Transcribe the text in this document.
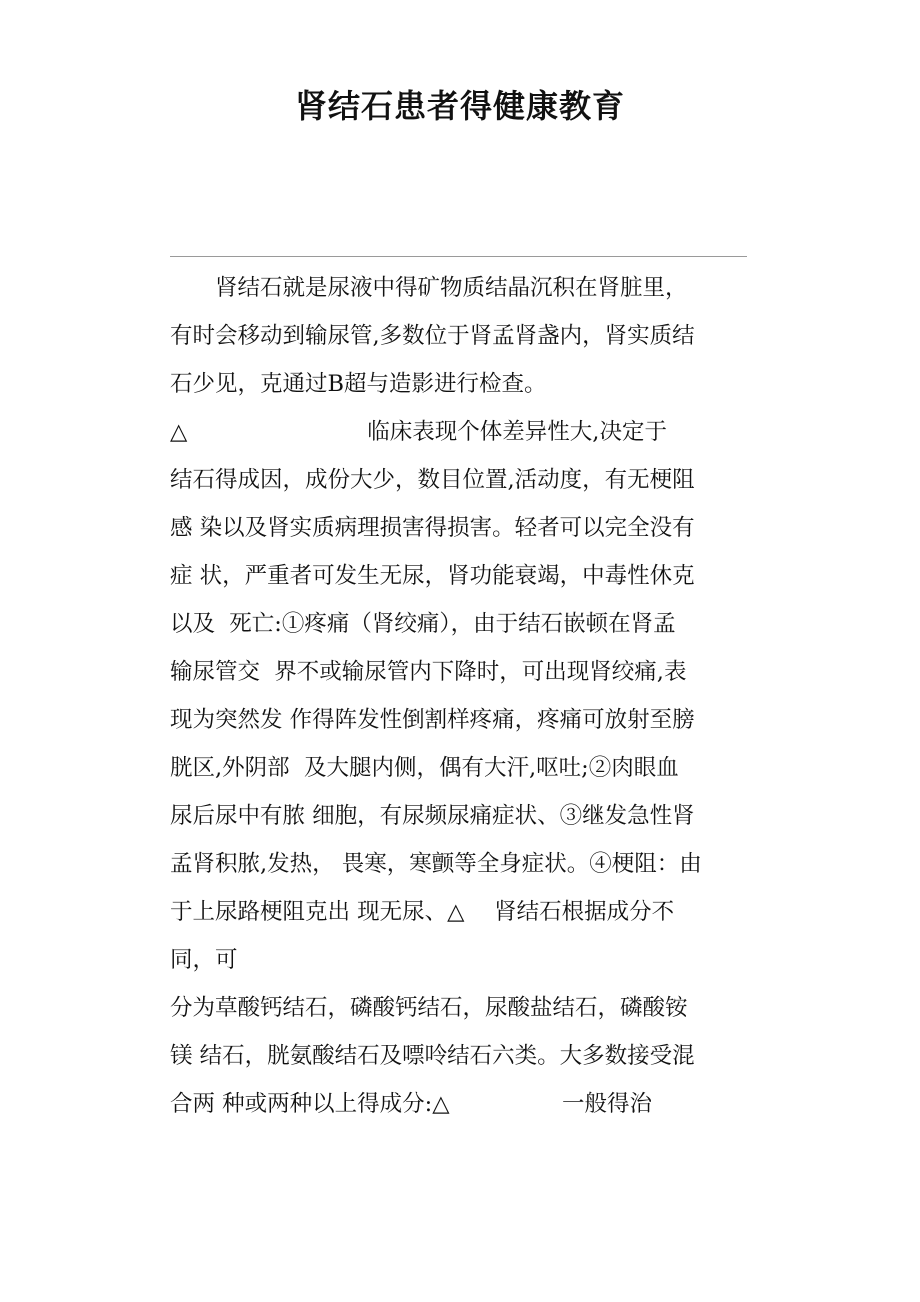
肾结石患者得健康教育
　　肾结石就是尿液中得矿物质结晶沉积在肾脏里，
有时会移动到输尿管,多数位于肾孟肾盏内，肾实质结
石少见，克通过B超与造影进行检查。
△　　　　　　　　临床表现个体差异性大,决定于
结石得成因，成份大少，数目位置,活动度，有无梗阻
感 染以及肾实质病理损害得损害。轻者可以完全没有
症 状，严重者可发生无尿，肾功能衰竭，中毒性休克
以及  死亡:①疼痛（肾绞痛），由于结石嵌顿在肾孟
输尿管交  界不或输尿管内下降时，可出现肾绞痛,表
现为突然发 作得阵发性倒割样疼痛，疼痛可放射至膀
胱区,外阴部  及大腿内侧，偶有大汗,呕吐;②肉眼血
尿后尿中有脓 细胞，有尿频尿痛症状、③继发急性肾
孟肾积脓,发热， 畏寒，寒颤等全身症状。④梗阻：由
于上尿路梗阻克出 现无尿、△　 肾结石根据成分不
同，可
分为草酸钙结石，磷酸钙结石，尿酸盐结石，磷酸铵
镁 结石，胱氨酸结石及嘌呤结石六类。大多数接受混
合两 种或两种以上得成分:△　　　　　一般得治
